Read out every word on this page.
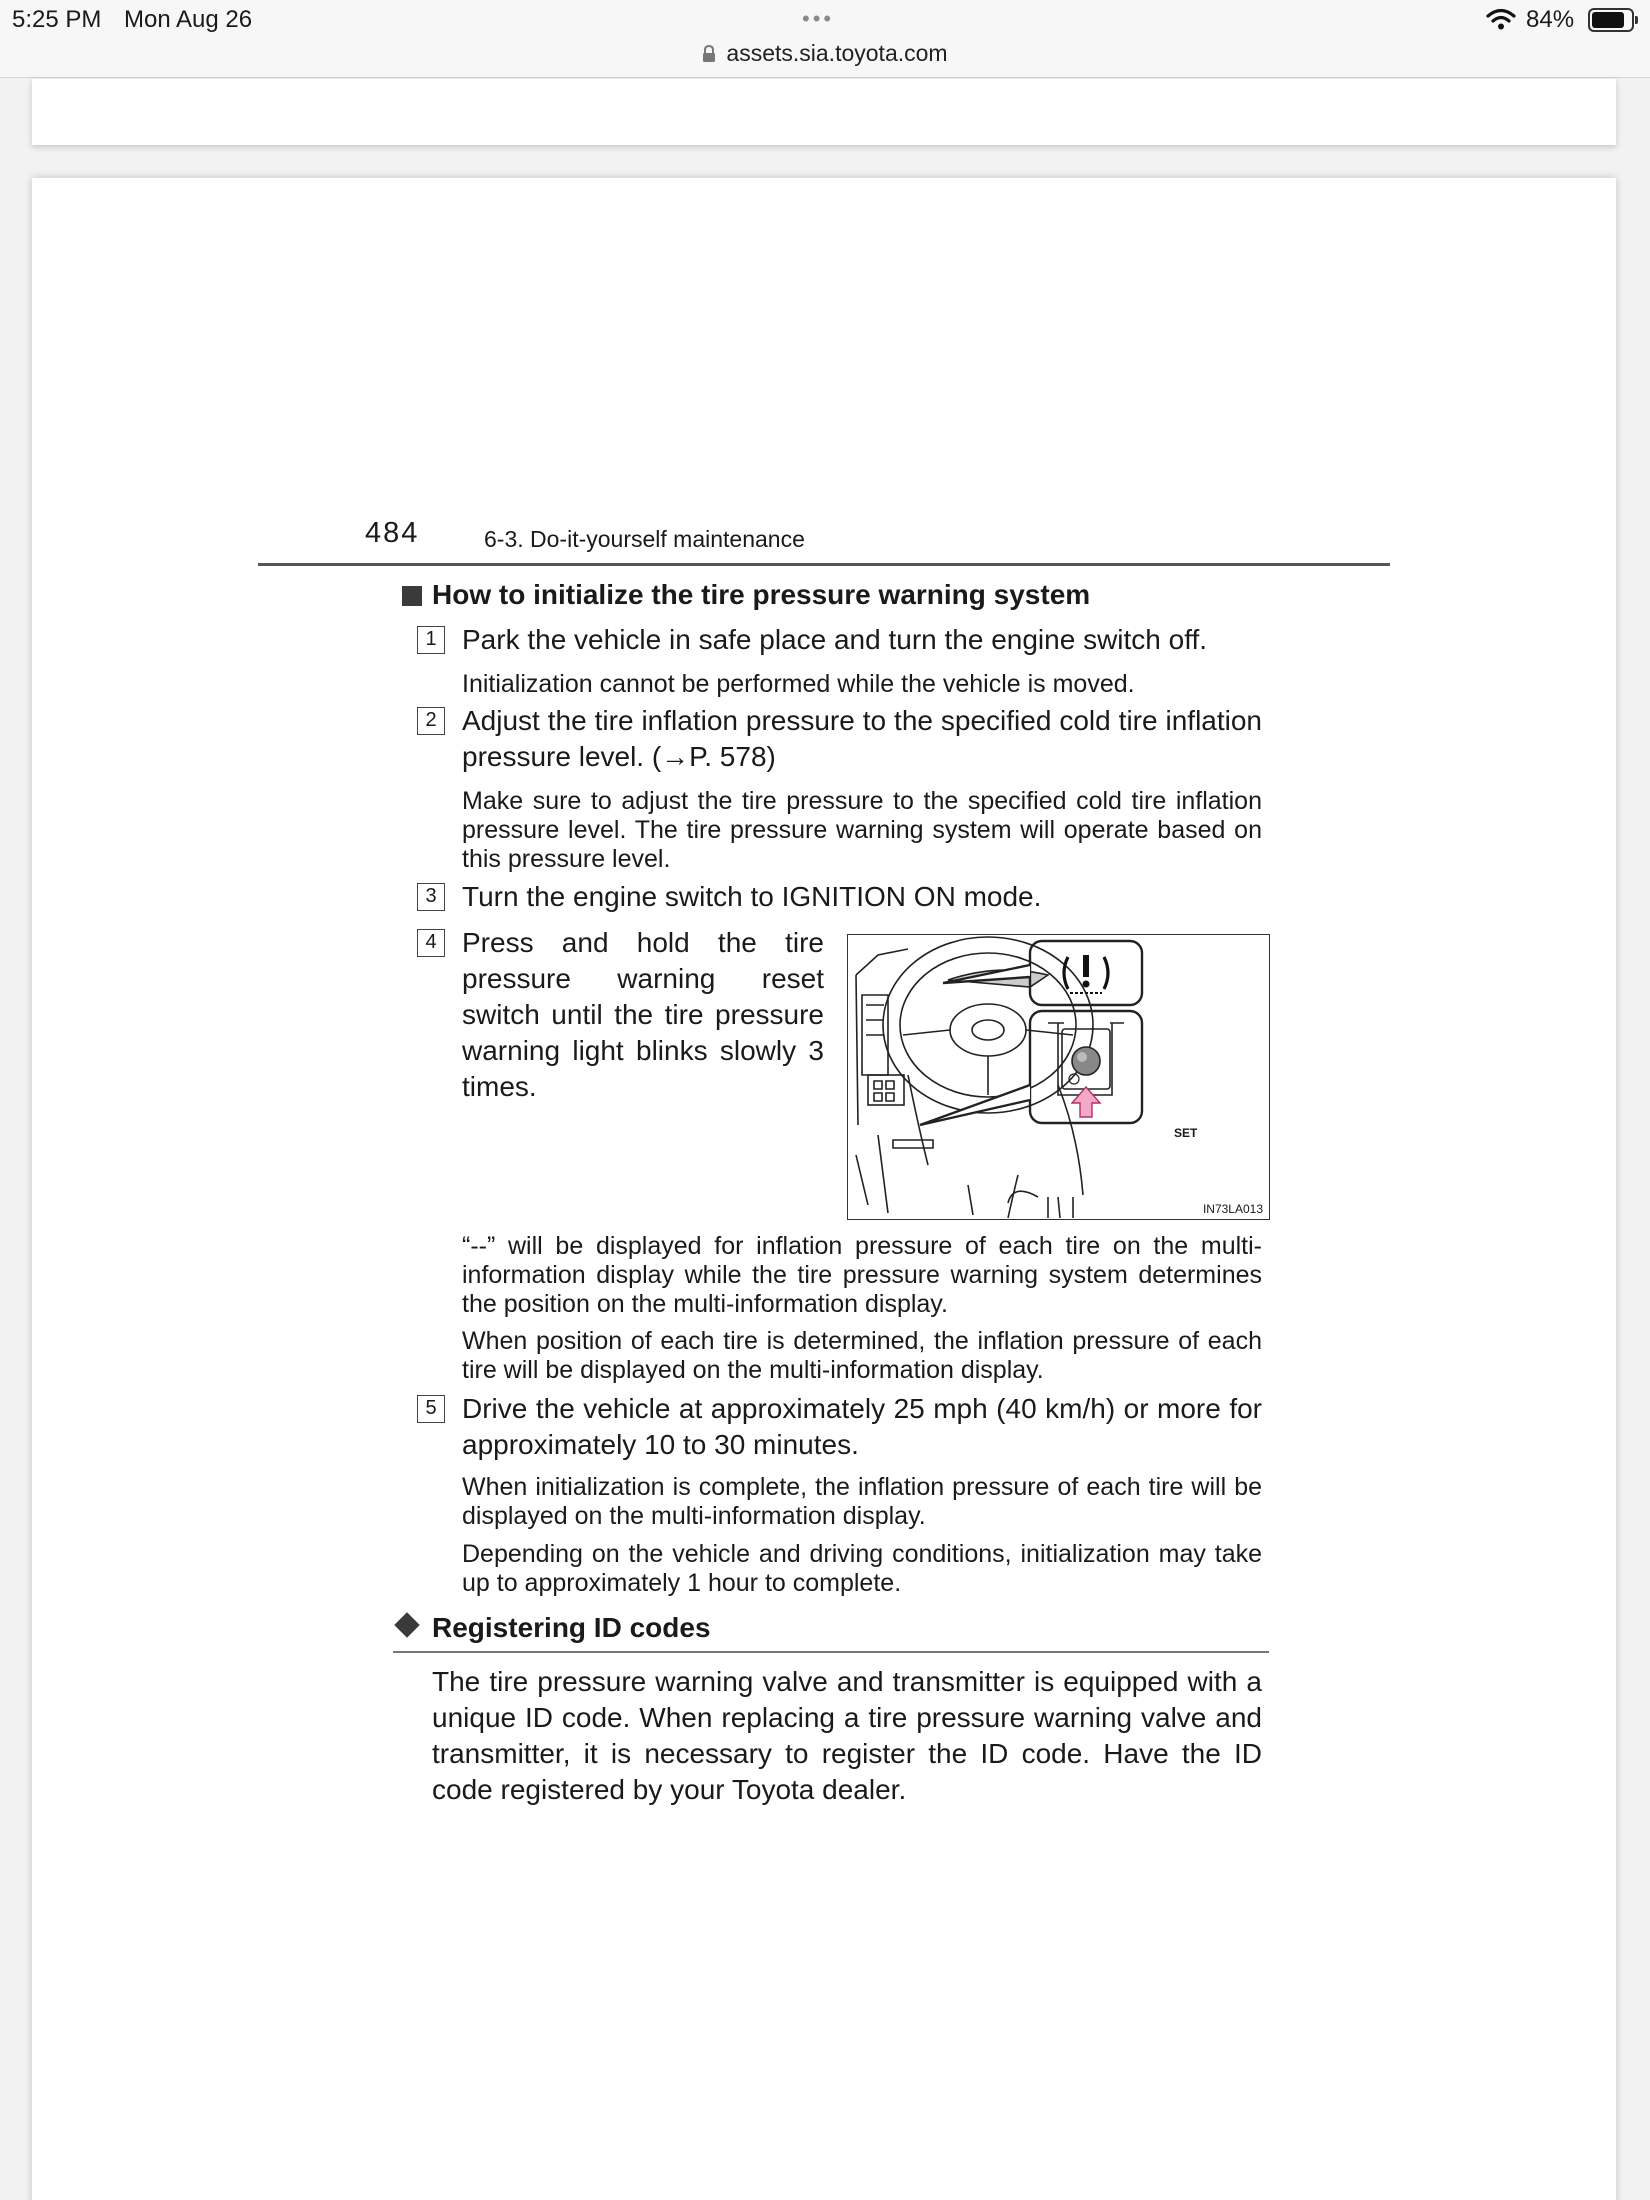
5:25 PM Mon Aug 26	•••	84%
assets.sia.toyota.com
484	6-3. Do-it-yourself maintenance
How to initialize the tire pressure warning system
1 Park the vehicle in safe place and turn the engine switch off.
Initialization cannot be performed while the vehicle is moved.
2 Adjust the tire inflation pressure to the specified cold tire inflation pressure level. (→P. 578)
Make sure to adjust the tire pressure to the specified cold tire inflation pressure level. The tire pressure warning system will operate based on this pressure level.
3 Turn the engine switch to IGNITION ON mode.
4 Press and hold the tire pressure warning reset switch until the tire pressure warning light blinks slowly 3 times.
SET
IN73LA013
“--” will be displayed for inflation pressure of each tire on the multi-information display while the tire pressure warning system determines the position on the multi-information display.
When position of each tire is determined, the inflation pressure of each tire will be displayed on the multi-information display.
5 Drive the vehicle at approximately 25 mph (40 km/h) or more for approximately 10 to 30 minutes.
When initialization is complete, the inflation pressure of each tire will be displayed on the multi-information display.
Depending on the vehicle and driving conditions, initialization may take up to approximately 1 hour to complete.
Registering ID codes
The tire pressure warning valve and transmitter is equipped with a unique ID code. When replacing a tire pressure warning valve and transmitter, it is necessary to register the ID code. Have the ID code registered by your Toyota dealer.
